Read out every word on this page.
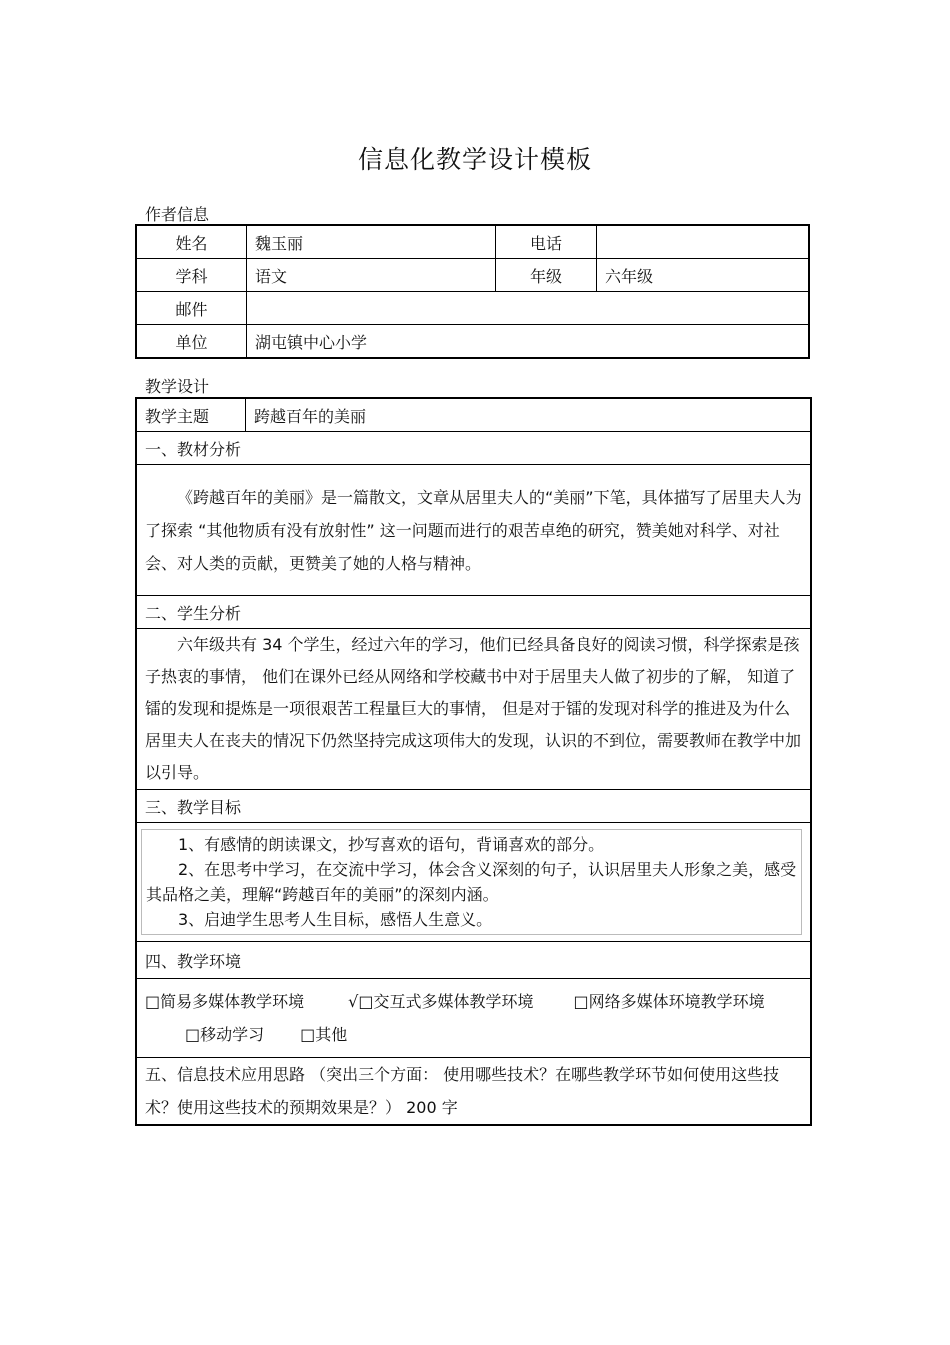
信息化教学设计模板
作者信息
姓名	魏玉丽	电话	
学科	语文	年级	六年级
邮件			
单位	湖屯镇中心小学		
教学设计
教学主题	跨越百年的美丽
一、教材分析

《跨越百年的美丽》是一篇散文，文章从居里夫人的“美丽”下笔，具体描写了居里夫人为了探索 “其他物质有没有放射性” 这一问题而进行的艰苦卓绝的研究，赞美她对科学、对社会、对人类的贡献，更赞美了她的人格与精神。

二、学生分析

六年级共有 34 个学生，经过六年的学习，他们已经具备良好的阅读习惯，科学探索是孩子热衷的事情， 他们在课外已经从网络和学校藏书中对于居里夫人做了初步的了解， 知道了镭的发现和提炼是一项很艰苦工程量巨大的事情， 但是对于镭的发现对科学的推进及为什么居里夫人在丧夫的情况下仍然坚持完成这项伟大的发现，认识的不到位，需要教师在教学中加以引导。

三、教学目标

1、有感情的朗读课文，抄写喜欢的语句，背诵喜欢的部分。
2、在思考中学习，在交流中学习，体会含义深刻的句子，认识居里夫人形象之美，感受其品格之美，理解“跨越百年的美丽”的深刻内涵。
3、启迪学生思考人生目标，感悟人生意义。

四、教学环境

□简易多媒体教学环境	√□交互式多媒体教学环境	□网络多媒体环境教学环境□移动学习 □其他

五、信息技术应用思路 （突出三个方面： 使用哪些技术？在哪些教学环节如何使用这些技术？使用这些技术的预期效果是？） 200 字
